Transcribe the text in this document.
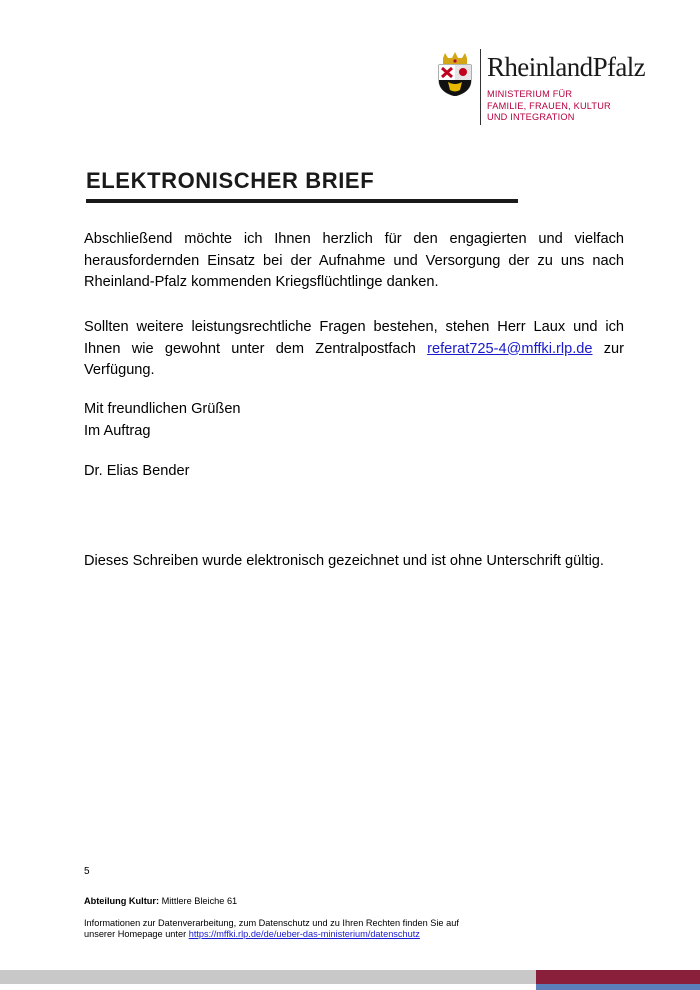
RheinlandPfalz
MINISTERIUM FÜR
FAMILIE, FRAUEN, KULTUR
UND INTEGRATION
ELEKTRONISCHER BRIEF
Abschließend möchte ich Ihnen herzlich für den engagierten und vielfach herausfordernden Einsatz bei der Aufnahme und Versorgung der zu uns nach Rheinland-Pfalz kommenden Kriegsflüchtlinge danken.
Sollten weitere leistungsrechtliche Fragen bestehen, stehen Herr Laux und ich Ihnen wie gewohnt unter dem Zentralpostfach referat725-4@mffki.rlp.de zur Verfügung.
Mit freundlichen Grüßen
Im Auftrag
Dr. Elias Bender
Dieses Schreiben wurde elektronisch gezeichnet und ist ohne Unterschrift gültig.
5
Abteilung Kultur: Mittlere Bleiche 61
Informationen zur Datenverarbeitung, zum Datenschutz und zu Ihren Rechten finden Sie auf
unserer Homepage unter https://mffki.rlp.de/de/ueber-das-ministerium/datenschutz
